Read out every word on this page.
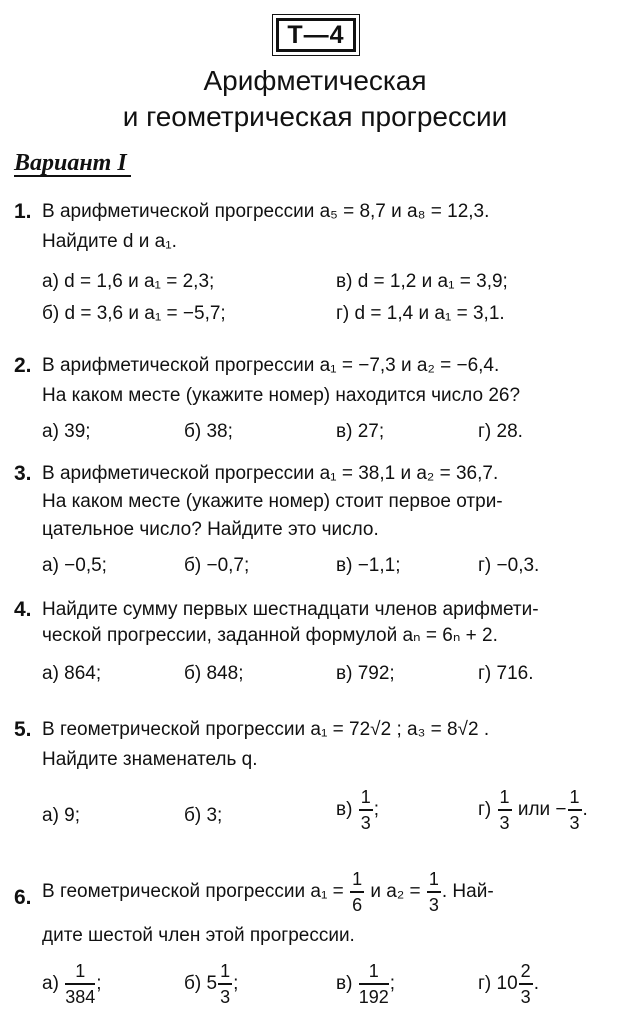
Т—4
Арифметическая
и геометрическая прогрессии
Вариант I
1. В арифметической прогрессии a₅ = 8,7 и a₈ = 12,3.
Найдите d и a₁.
а) d = 1,6 и a₁ = 2,3;	в) d = 1,2 и a₁ = 3,9;
б) d = 3,6 и a₁ = −5,7;	г) d = 1,4 и a₁ = 3,1.
2. В арифметической прогрессии a₁ = −7,3 и a₂ = −6,4.
На каком месте (укажите номер) находится число 26?
а) 39;	б) 38;	в) 27;	г) 28.
3. В арифметической прогрессии a₁ = 38,1 и a₂ = 36,7.
На каком месте (укажите номер) стоит первое отри-
цательное число? Найдите это число.
а) −0,5;	б) −0,7;	в) −1,1;	г) −0,3.
4. Найдите сумму первых шестнадцати членов арифмети-
ческой прогрессии, заданной формулой aₙ = 6ₙ + 2.
а) 864;	б) 848;	в) 792;	г) 716.
5. В геометрической прогрессии a₁ = 72√2 ; a₃ = 8√2 .
Найдите знаменатель q.
а) 9;	б) 3;	$в) \frac{1}{3}$ ;	$г) \frac{1}{3}$ или − $\frac{1}{3}$ .
6. В геометрической прогрессии $a_1 = \frac{1}{6}$ и $a_2 = \frac{1}{3}$ . Най-
дите шестой член этой прогрессии.
$а) \frac{1}{384}$ ;	б) $5 \frac{1}{3}$ ;	$в) \frac{1}{192}$ ;	г) $10 \frac{2}{3}$ .
